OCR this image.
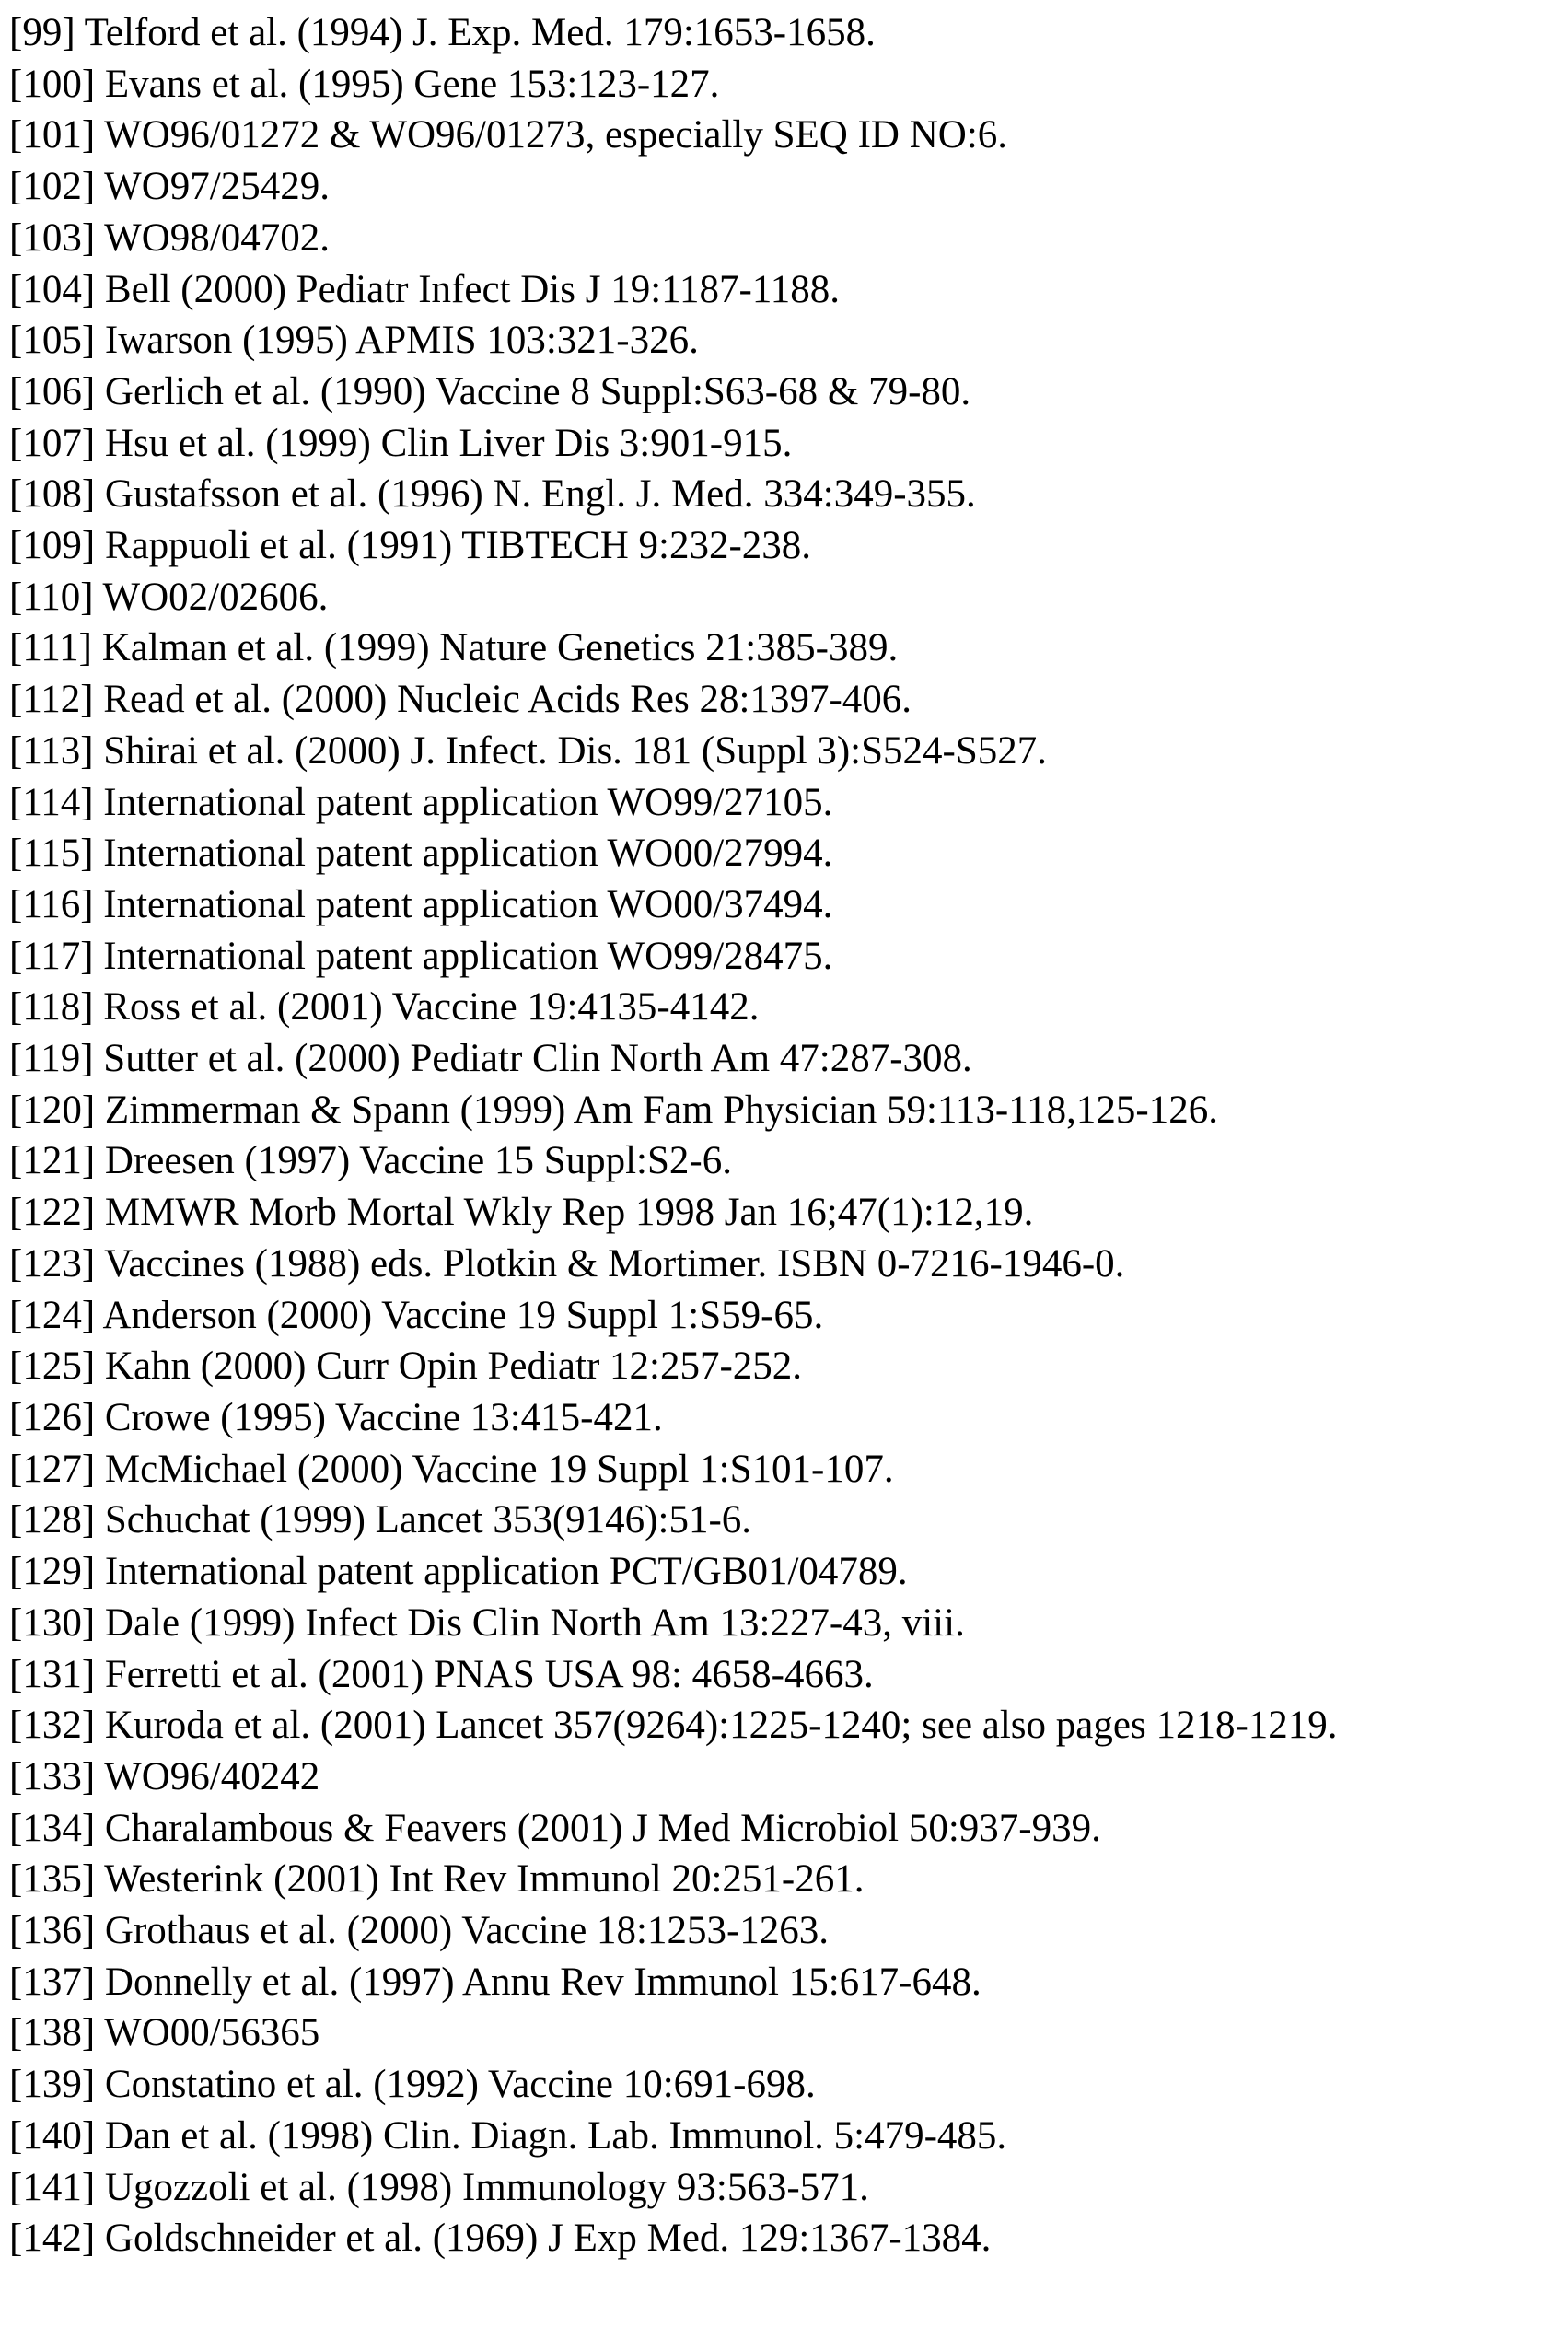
[99] Telford et al. (1994) J. Exp. Med. 179:1653-1658.
[100] Evans et al. (1995) Gene 153:123-127.
[101] WO96/01272 & WO96/01273, especially SEQ ID NO:6.
[102] WO97/25429.
[103] WO98/04702.
[104] Bell (2000) Pediatr Infect Dis J 19:1187-1188.
[105] Iwarson (1995) APMIS 103:321-326.
[106] Gerlich et al. (1990) Vaccine 8 Suppl:S63-68 & 79-80.
[107] Hsu et al. (1999) Clin Liver Dis 3:901-915.
[108] Gustafsson et al. (1996) N. Engl. J. Med. 334:349-355.
[109] Rappuoli et al. (1991) TIBTECH 9:232-238.
[110] WO02/02606.
[111] Kalman et al. (1999) Nature Genetics 21:385-389.
[112] Read et al. (2000) Nucleic Acids Res 28:1397-406.
[113] Shirai et al. (2000) J. Infect. Dis. 181 (Suppl 3):S524-S527.
[114] International patent application WO99/27105.
[115] International patent application WO00/27994.
[116] International patent application WO00/37494.
[117] International patent application WO99/28475.
[118] Ross et al. (2001) Vaccine 19:4135-4142.
[119] Sutter et al. (2000) Pediatr Clin North Am 47:287-308.
[120] Zimmerman & Spann (1999) Am Fam Physician 59:113-118,125-126.
[121] Dreesen (1997) Vaccine 15 Suppl:S2-6.
[122] MMWR Morb Mortal Wkly Rep 1998 Jan 16;47(1):12,19.
[123] Vaccines (1988) eds. Plotkin & Mortimer. ISBN 0-7216-1946-0.
[124] Anderson (2000) Vaccine 19 Suppl 1:S59-65.
[125] Kahn (2000) Curr Opin Pediatr 12:257-252.
[126] Crowe (1995) Vaccine 13:415-421.
[127] McMichael (2000) Vaccine 19 Suppl 1:S101-107.
[128] Schuchat (1999) Lancet 353(9146):51-6.
[129] International patent application PCT/GB01/04789.
[130] Dale (1999) Infect Dis Clin North Am 13:227-43, viii.
[131] Ferretti et al. (2001) PNAS USA 98: 4658-4663.
[132] Kuroda et al. (2001) Lancet 357(9264):1225-1240; see also pages 1218-1219.
[133] WO96/40242
[134] Charalambous & Feavers (2001) J Med Microbiol 50:937-939.
[135] Westerink (2001) Int Rev Immunol 20:251-261.
[136] Grothaus et al. (2000) Vaccine 18:1253-1263.
[137] Donnelly et al. (1997) Annu Rev Immunol 15:617-648.
[138] WO00/56365
[139] Constatino et al. (1992) Vaccine 10:691-698.
[140] Dan et al. (1998) Clin. Diagn. Lab. Immunol. 5:479-485.
[141] Ugozzoli et al. (1998) Immunology 93:563-571.
[142] Goldschneider et al. (1969) J Exp Med. 129:1367-1384.
